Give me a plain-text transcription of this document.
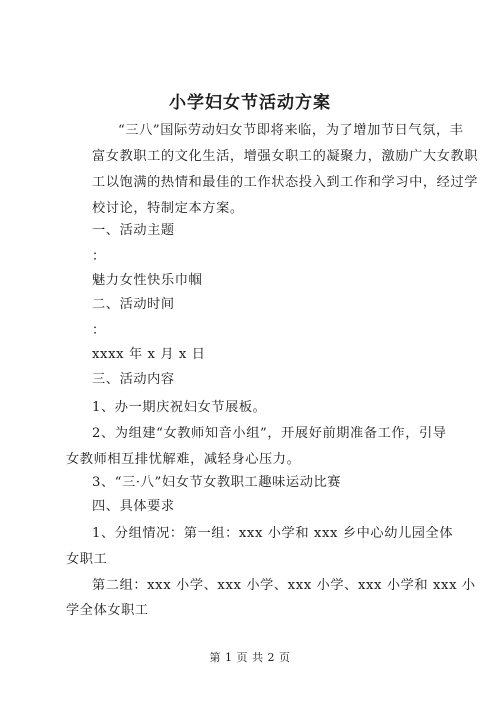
小学妇女节活动方案
“三八”国际劳动妇女节即将来临，为了增加节日气氛，丰
富女教职工的文化生活，增强女职工的凝聚力，激励广大女教职
工以饱满的热情和最佳的工作状态投入到工作和学习中，经过学
校讨论，特制定本方案。
一、活动主题
：
魅力女性快乐巾帼
二、活动时间
：
xxxx 年 x 月 x 日
三、活动内容
1、办一期庆祝妇女节展板。
2、为组建“女教师知音小组”，开展好前期准备工作，引导
女教师相互排忧解难，减轻身心压力。
3、“三·八”妇女节女教职工趣味运动比赛
四、具体要求
1、分组情况：第一组：xxx 小学和 xxx 乡中心幼儿园全体
女职工
第二组：xxx 小学、xxx 小学、xxx 小学、xxx 小学和 xxx 小
学全体女职工
第 1 页 共 2 页
